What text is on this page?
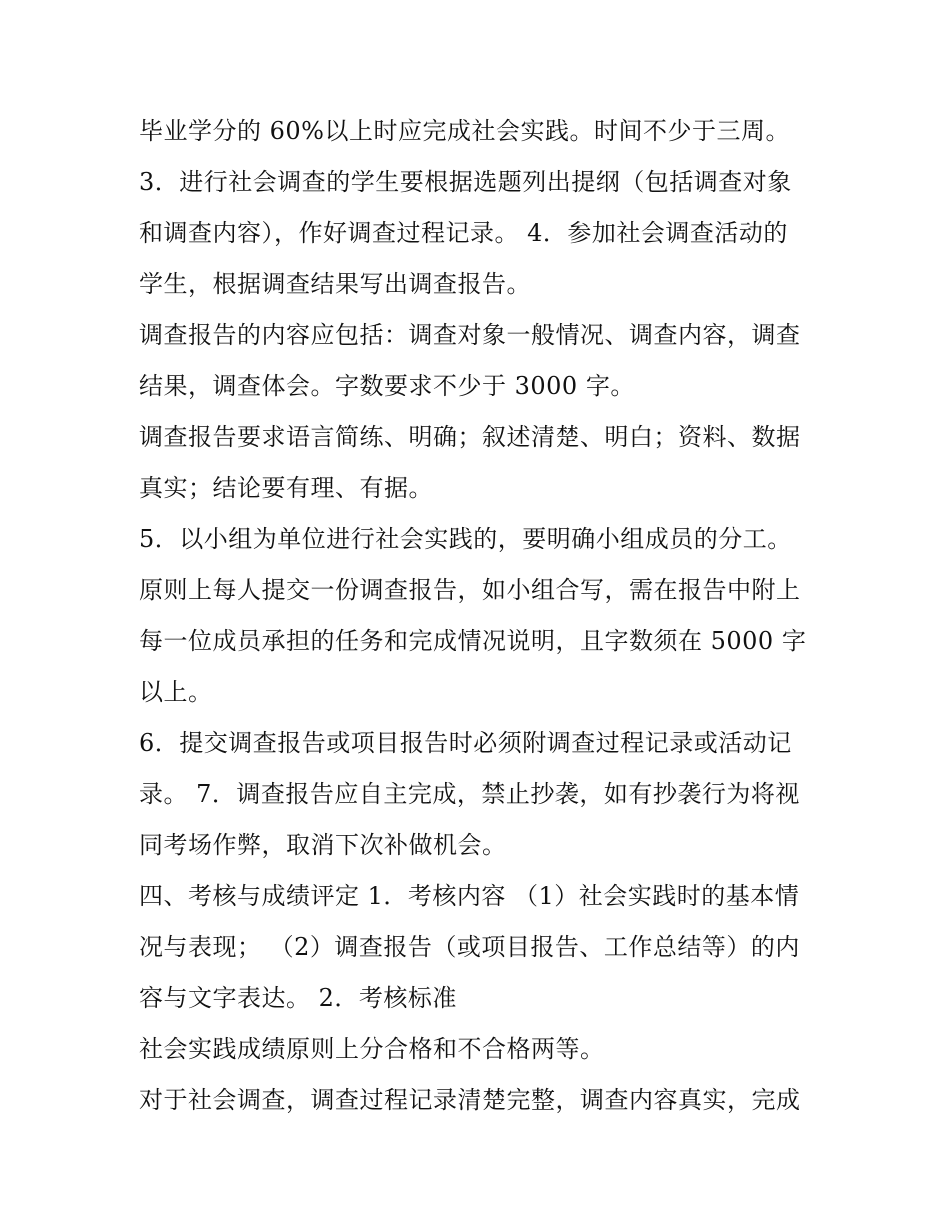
毕业学分的 60%以上时应完成社会实践。时间不少于三周。
3．进行社会调查的学生要根据选题列出提纲（包括调查对象
和调查内容），作好调查过程记录。 4．参加社会调查活动的
学生，根据调查结果写出调查报告。
调查报告的内容应包括：调查对象一般情况、调查内容，调查
结果，调查体会。字数要求不少于 3000 字。
调查报告要求语言简练、明确；叙述清楚、明白；资料、数据
真实；结论要有理、有据。
5．以小组为单位进行社会实践的，要明确小组成员的分工。
原则上每人提交一份调查报告，如小组合写，需在报告中附上
每一位成员承担的任务和完成情况说明，且字数须在 5000 字
以上。
6．提交调查报告或项目报告时必须附调查过程记录或活动记
录。 7．调查报告应自主完成，禁止抄袭，如有抄袭行为将视
同考场作弊，取消下次补做机会。
四、考核与成绩评定 1．考核内容 （1）社会实践时的基本情
况与表现； （2）调查报告（或项目报告、工作总结等）的内
容与文字表达。 2．考核标准
社会实践成绩原则上分合格和不合格两等。
对于社会调查，调查过程记录清楚完整，调查内容真实，完成
